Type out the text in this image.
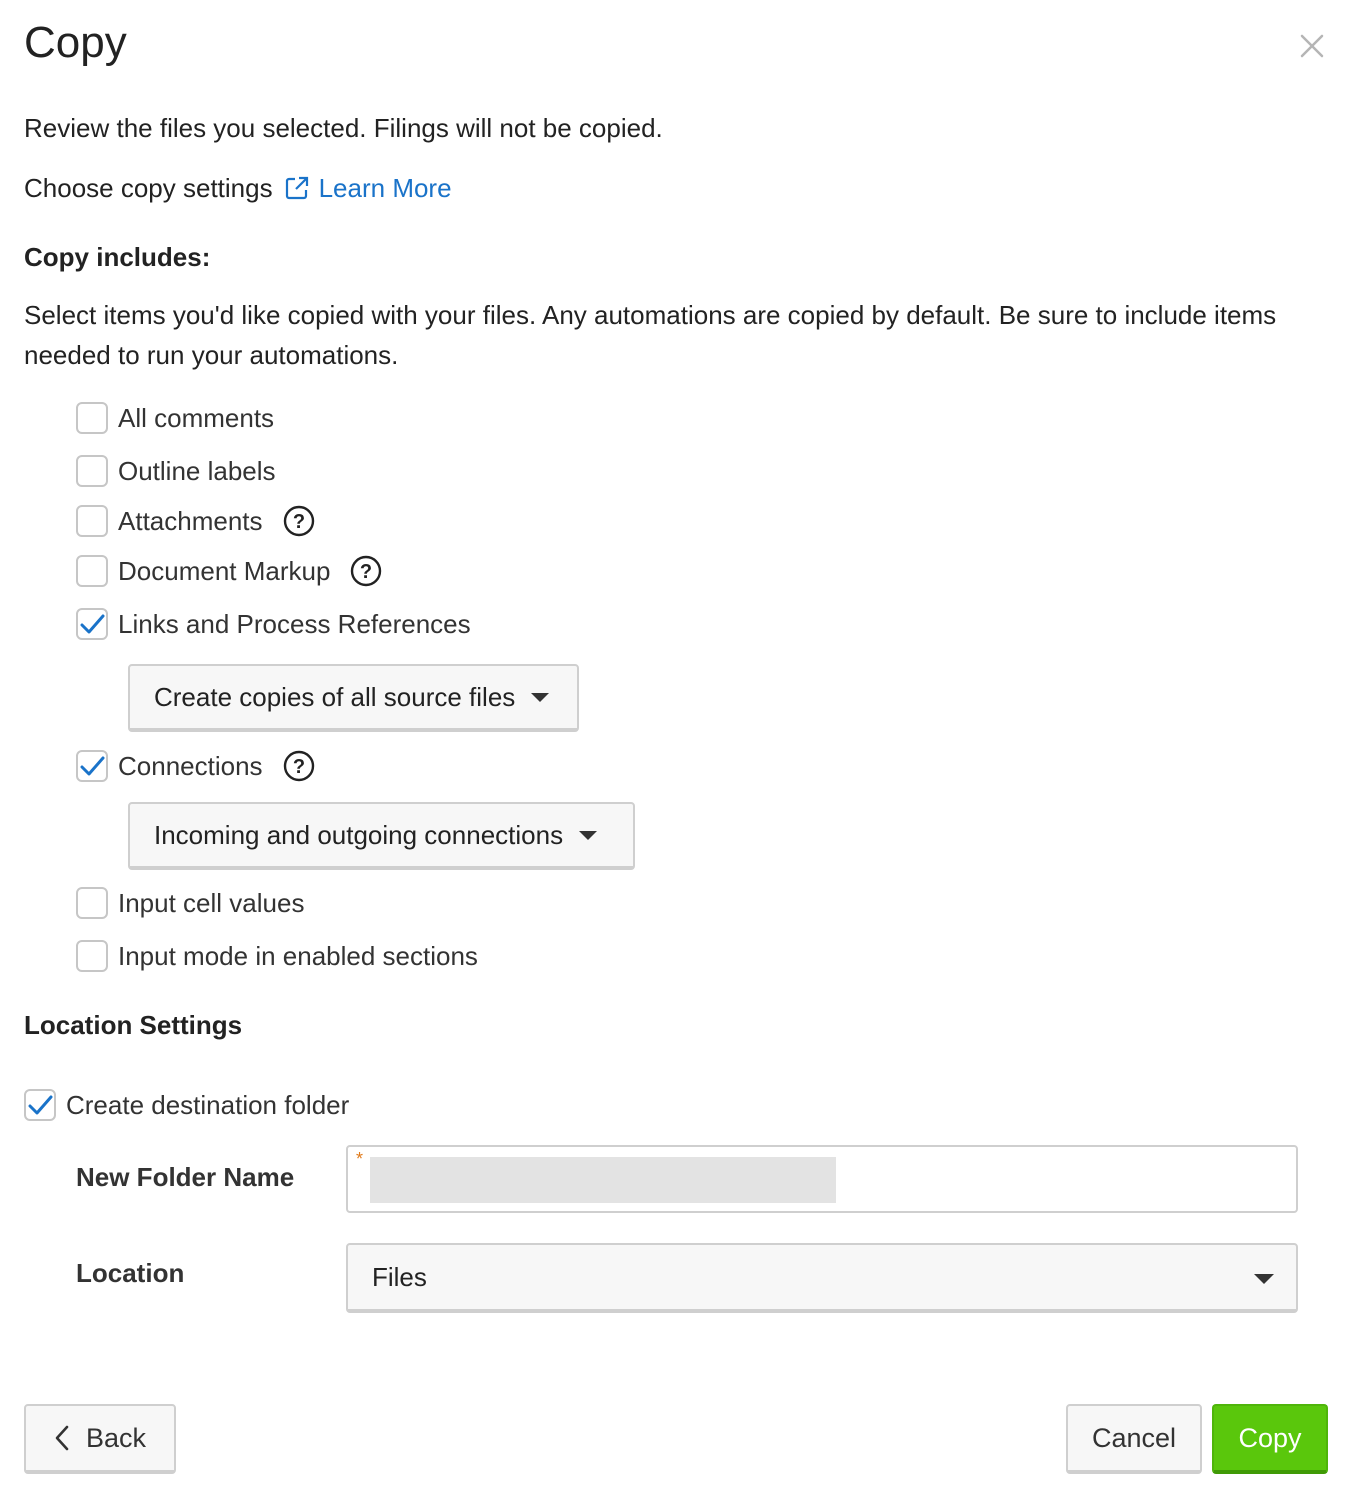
Copy
Review the files you selected. Filings will not be copied.
Choose copy settings Learn More
Copy includes:
Select items you'd like copied with your files. Any automations are copied by default. Be sure to include items needed to run your automations.
All comments
Outline labels
Attachments ?
Document Markup ?
Links and Process References
Create copies of all source files
Connections ?
Incoming and outgoing connections
Input cell values
Input mode in enabled sections
Location Settings
Create destination folder
New Folder Name
*
Location	Files
Back	Cancel	Copy
